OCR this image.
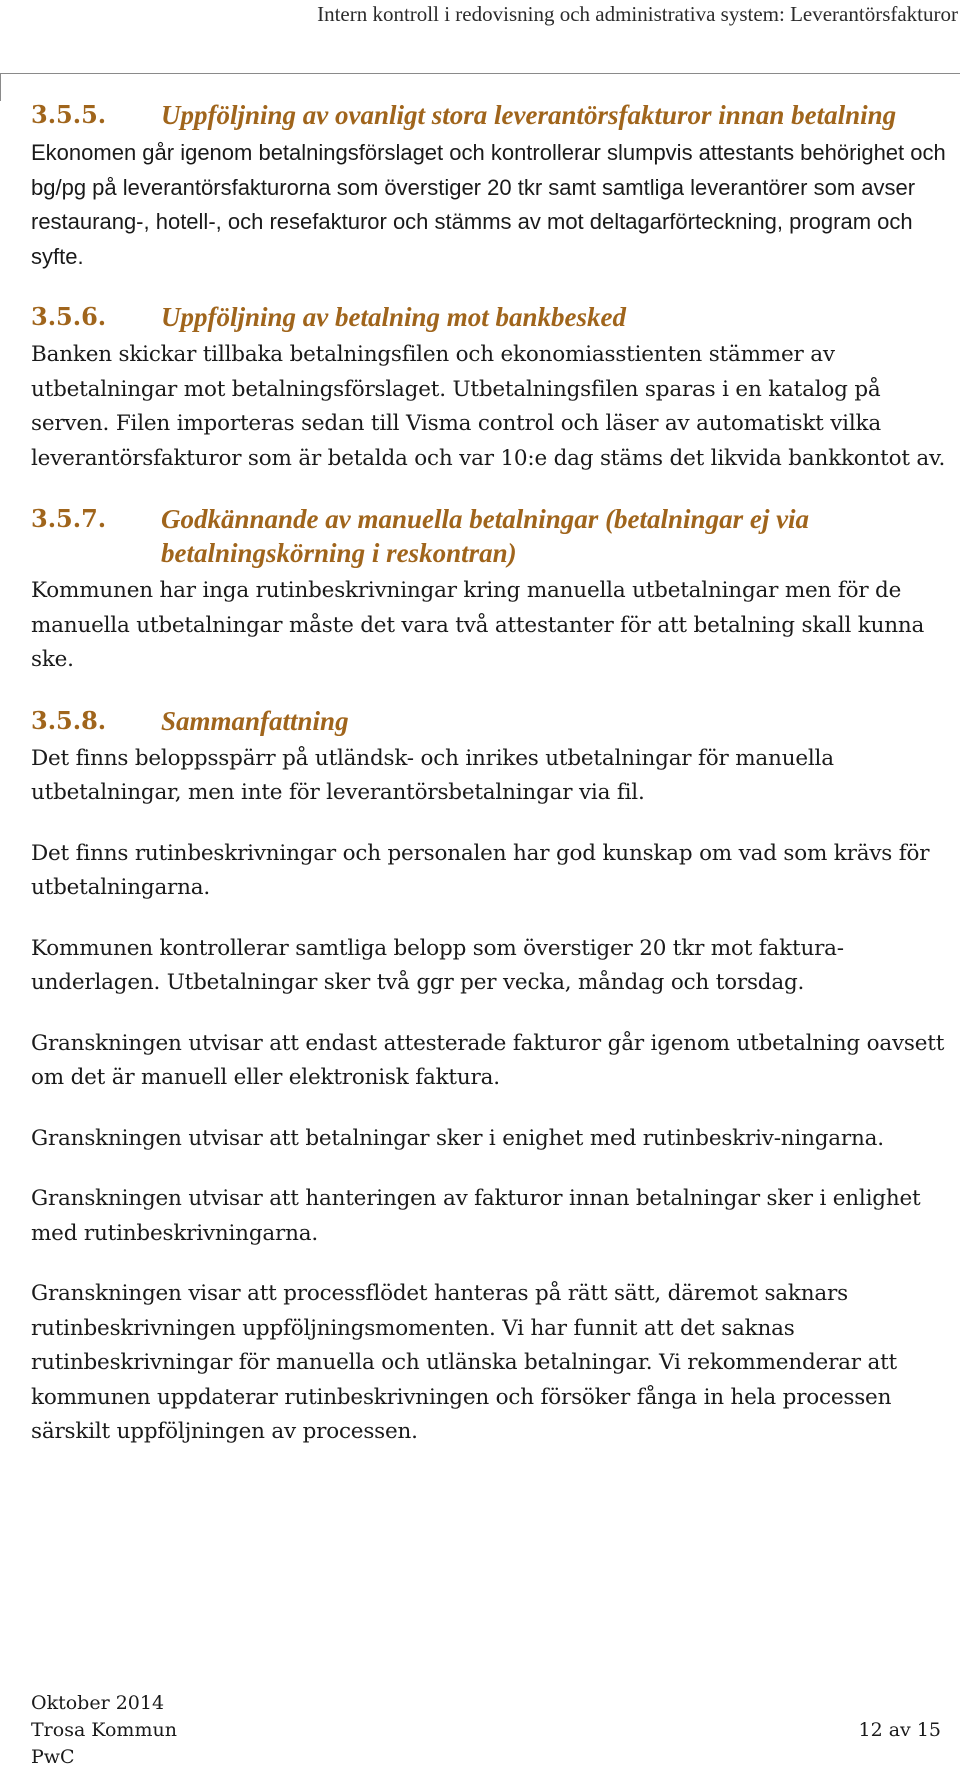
Intern kontroll i redovisning och administrativa system: Leverantörsfakturor
3.5.5. Uppföljning av ovanligt stora leverantörsfakturor innan betalning

Ekonomen går igenom betalningsförslaget och kontrollerar slumpvis attestants behörighet och bg/pg på leverantörsfakturorna som överstiger 20 tkr samt samtliga leverantörer som avser restaurang-, hotell-, och resefakturor och stämms av mot deltagarförteckning, program och syfte.

3.5.6. Uppföljning av betalning mot bankbesked

Banken skickar tillbaka betalningsfilen och ekonomiasstienten stämmer av utbetalningar mot betalningsförslaget. Utbetalningsfilen sparas i en katalog på serven. Filen importeras sedan till Visma control och läser av automatiskt vilka leverantörsfakturor som är betalda och var 10:e dag stäms det likvida bankkontot av.

3.5.7. Godkännande av manuella betalningar (betalningar ej via betalningskörning i reskontran)

Kommunen har inga rutinbeskrivningar kring manuella utbetalningar men för de manuella utbetalningar måste det vara två attestanter för att betalning skall kunna ske.

3.5.8. Sammanfattning

Det finns beloppsspärr på utländsk- och inrikes utbetalningar för manuella utbetalningar, men inte för leverantörsbetalningar via fil.

Det finns rutinbeskrivningar och personalen har god kunskap om vad som krävs för utbetalningarna.

Kommunen kontrollerar samtliga belopp som överstiger 20 tkr mot faktura-underlagen. Utbetalningar sker två ggr per vecka, måndag och torsdag.

Granskningen utvisar att endast attesterade fakturor går igenom utbetalning oavsett om det är manuell eller elektronisk faktura.

Granskningen utvisar att betalningar sker i enighet med rutinbeskriv-ningarna.

Granskningen utvisar att hanteringen av fakturor innan betalningar sker i enlighet med rutinbeskrivningarna.

Granskningen visar att processflödet hanteras på rätt sätt, däremot saknars rutinbeskrivningen uppföljningsmomenten. Vi har funnit att det saknas rutinbeskrivningar för manuella och utlänska betalningar. Vi rekommenderar att kommunen uppdaterar rutinbeskrivningen och försöker fånga in hela processen särskilt uppföljningen av processen.

Oktober 2014
Trosa Kommun	12 av 15
PwC
